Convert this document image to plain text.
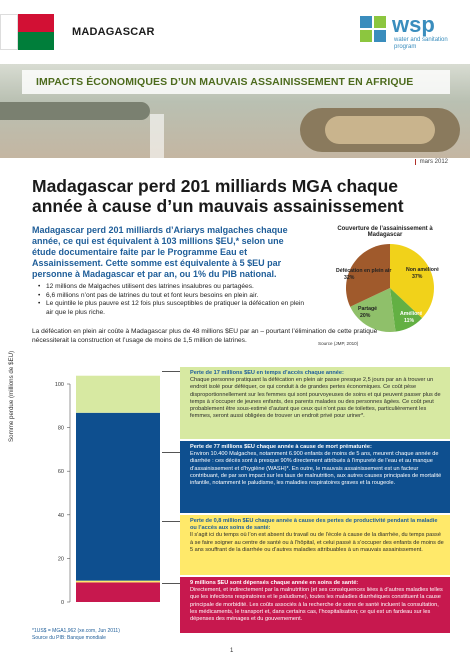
MADAGASCAR	wsp
water and sanitation program
IMPACTS ÉCONOMIQUES D’UN MAUVAIS ASSAINISSEMENT EN AFRIQUE
mars 2012
Madagascar perd 201 milliards MGA chaque année à cause d’un mauvais assainissement

Madagascar perd 201 milliards d’Ariarys malgaches chaque année, ce qui est équivalent à 103 millions $EU,* selon une étude documentaire faite par le Programme Eau et Assainissement. Cette somme est équivalente à 5 $EU par personne à Madagascar et par an, ou 1% du PIB national.

• 12 millions de Malgaches utilisent des latrines insalubres ou partagées.
• 6,6 millions n’ont pas de latrines du tout et font leurs besoins en plein air.
• Le quintile le plus pauvre est 12 fois plus susceptibles de pratiquer la défécation en plein air que le plus riche.

La défécation en plein air coûte à Madagascar plus de 48 millions $EU par an – pourtant l’élimination de cette pratique nécessiterait la construction et l’usage de moins de 1,5 million de latrines.

Couverture de l’assainissement à Madagascar
Défécation en plein air
32%
Non amélioré
37%
Partagé
20%	Amélioré
11%
Source (JMP, 2010)
0
20
40
60
80
100
Somme perdue (millions de $EU)
*1US$ = MGA1,962 (xe.com, Jun 2011)
Source du PIB: Banque mondiale
Perte de 17 millions $EU en temps d’accès chaque année:
Chaque personne pratiquant la défécation en plein air passe presque 2,5 jours par an à trouver un endroit isolé pour déféquer, ce qui conduit à de grandes pertes économiques. Ce coût pèse disproportionnellement sur les femmes qui sont pourvoyeuses de soins et qui peuvent passer plus de temps à s’occuper de jeunes enfants, des parents malades ou des personnes âgées. Ce coût peut probablement être sous-estimé d’autant que ceux qui n’ont pas de toilettes, particulièrement les femmes, seront aussi obligées de trouver un endroit privé pour uriner*.
Perte de 77 millions $EU chaque année à cause de mort prématurée:
Environ 10.400 Malgaches, notamment 6.900 enfants de moins de 5 ans, meurent chaque année de diarrhée : ces décès sont à presque 90% directement attribués à l’impureté de l’eau et au manque d’assainissement et d’hygiène (WASH)*. En outre, le mauvais assainissement est un facteur contribuant, de par son impact sur les taux de malnutrition, aux autres causes principales de mortalité infantile, notamment le paludisme, les maladies respiratoires graves et la rougeole.
Perte de 0,8 million $EU chaque année à cause des pertes de productivité pendant la maladie ou l’accès aux soins de santé:
Il s’agit ici du temps où l’on est absent du travail ou de l’école à cause de la diarrhée, du temps passé à se faire soigner au centre de santé ou à l’hôpital, et celui passé à s’occuper des enfants de moins de 5 ans souffrant de la diarrhée ou d’autres maladies attribuables à un mauvais assainissement.
9 millions $EU sont dépensés chaque année en soins de santé:
Directement, et indirectement par la malnutrition (et ses conséquences liées à d’autres maladies telles que les infections respiratoires et le paludisme), toutes les maladies diarrhéiques constituent la cause principale de morbidité. Les coûts associés à la recherche de soins de santé incluent la consultation, les médicaments, le transport et, dans certains cas, l’hospitalisation; ce qui est un fardeau sur les dépenses des ménages et du gouvernement.
1
